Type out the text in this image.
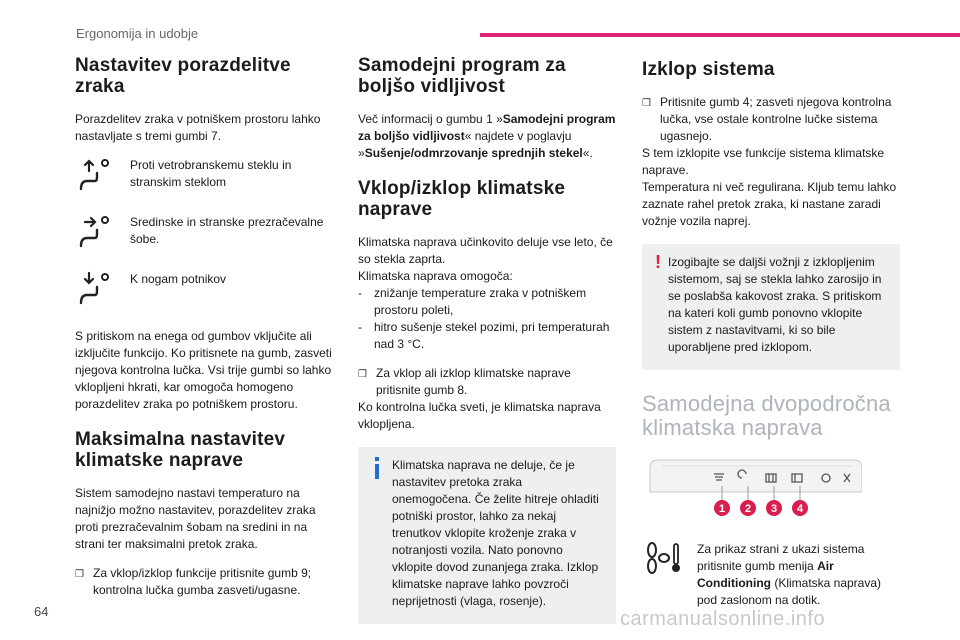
Ergonomija in udobje
Nastavitev porazdelitve zraka

Porazdelitev zraka v potniškem prostoru lahko nastavljate s tremi gumbi 7.

Proti vetrobranskemu steklu in stranskim steklom

Sredinske in stranske prezračevalne šobe.

K nogam potnikov

S pritiskom na enega od gumbov vključite ali izključite funkcijo. Ko pritisnete na gumb, zasveti njegova kontrolna lučka. Vsi trije gumbi so lahko vklopljeni hkrati, kar omogoča homogeno porazdelitev zraka po potniškem prostoru.

Maksimalna nastavitev klimatske naprave

Sistem samodejno nastavi temperaturo na najnižjo možno nastavitev, porazdelitev zraka proti prezračevalnim šobam na sredini in na strani ter maksimalni pretok zraka.

❒ Za vklop/izklop funkcije pritisnite gumb 9; kontrolna lučka gumba zasveti/ugasne.

Samodejni program za boljšo vidljivost

Več informacij o gumbu 1 »Samodejni program za boljšo vidljivost« najdete v poglavju »Sušenje/odmrzovanje sprednjih stekel«.

Vklop/izklop klimatske naprave

Klimatska naprava učinkovito deluje vse leto, če so stekla zaprta.

Klimatska naprava omogoča:

-	znižanje temperature zraka v potniškem prostoru poleti,

-	hitro sušenje stekel pozimi, pri temperaturah nad 3 °C.

❒ Za vklop ali izklop klimatske naprave pritisnite gumb 8.

Ko kontrolna lučka sveti, je klimatska naprava vklopljena.

Klimatska naprava ne deluje, če je nastavitev pretoka zraka onemogočena. Če želite hitreje ohladiti potniški prostor, lahko za nekaj trenutkov vklopite kroženje zraka v notranjosti vozila. Nato ponovno vklopite dovod zunanjega zraka. Izklop klimatske naprave lahko povzroči neprijetnosti (vlaga, rosenje).

Izklop sistema
❒ Pritisnite gumb 4; zasveti njegova kontrolna lučka, vse ostale kontrolne lučke sistema ugasnejo.

S tem izklopite vse funkcije sistema klimatske naprave.

Temperatura ni več regulirana. Kljub temu lahko zaznate rahel pretok zraka, ki nastane zaradi vožnje vozila naprej.

! Izogibajte se daljši vožnji z izklopljenim sistemom, saj se stekla lahko zarosijo in se poslabša kakovost zraka. S pritiskom na kateri koli gumb ponovno vklopite sistem z nastavitvami, ki so bile uporabljene pred izklopom.

Samodejna dvopodročna klimatska naprava
1 2 3 4

Za prikaz strani z ukazi sistema pritisnite gumb menija Air Conditioning (Klimatska naprava) pod zaslonom na dotik.

64	carmanualsonline.info
